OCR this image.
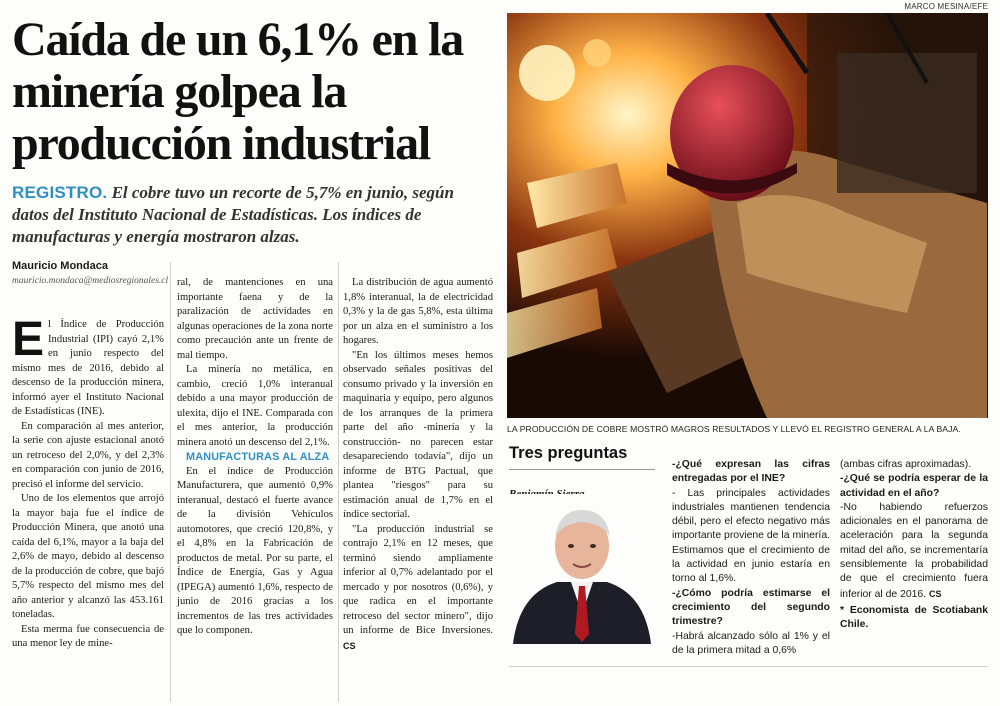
Caída de un 6,1% en la minería golpea la producción industrial

REGISTRO. El cobre tuvo un recorte de 5,7% en junio, según datos del Instituto Nacional de Estadísticas. Los índices de manufacturas y energía mostraron alzas.

Mauricio Mondaca
mauricio.mondaca@mediosregionales.cl

El Índice de Producción Industrial (IPI) cayó 2,1% en junio respecto del mismo mes de 2016, debido al descenso de la producción minera, informó ayer el Instituto Nacional de Estadísticas (INE).

En comparación al mes anterior, la serie con ajuste estacional anotó un retroceso del 2,0%, y del 2,3% en comparación con junio de 2016, precisó el informe del servicio.

Uno de los elementos que arrojó la mayor baja fue el índice de Producción Minera, que anotó una caída del 6,1%, mayor a la baja del 2,6% de mayo, debido al descenso de la producción de cobre, que bajó 5,7% respecto del mismo mes del año anterior y alcanzó las 453.161 toneladas.

Esta merma fue consecuencia de una menor ley de mine-

ral, de mantenciones en una importante faena y de la paralización de actividades en algunas operaciones de la zona norte como precaución ante un frente de mal tiempo.

La minería no metálica, en cambio, creció 1,0% interanual debido a una mayor producción de ulexita, dijo el INE. Comparada con el mes anterior, la producción minera anotó un descenso del 2,1%.

MANUFACTURAS AL ALZA

En el índice de Producción Manufacturera, que aumentó 0,9% interanual, destacó el fuerte avance de la división Vehículos automotores, que creció 120,8%, y el 4,8% en la Fabricación de productos de metal. Por su parte, el Índice de Energía, Gas y Agua (IPEGA) aumentó 1,6%, respecto de junio de 2016 gracias a los incrementos de las tres actividades que lo componen.

La distribución de agua aumentó 1,8% interanual, la de electricidad 0,3% y la de gas 5,8%, esta última por un alza en el suministro a los hogares.

"En los últimos meses hemos observado señales positivas del consumo privado y la inversión en maquinaria y equipo, pero algunos de los arranques de la primera parte del año -minería y la construcción- no parecen estar desapareciendo todavía", dijo un informe de BTG Pactual, que plantea "riesgos" para su estimación anual de 1,7% en el índice sectorial.

"La producción industrial se contrajo 2,1% en 12 meses, que terminó siendo ampliamente inferior al 0,7% adelantado por el mercado y por nosotros (0,6%), y que radica en el importante retroceso del sector minero", dijo un informe de Bice Inversiones. CS

MARCO MESINA/EFE
LA PRODUCCIÓN DE COBRE MOSTRÓ MAGROS RESULTADOS Y LLEVÓ EL REGISTRO GENERAL A LA BAJA.
Tres preguntas

-¿Qué expresan las cifras entregadas por el INE?

- Las principales actividades industriales mantienen tendencia débil, pero el efecto negativo más importante proviene de la minería. Estimamos que el crecimiento de la actividad en junio estaría en torno al 1,6%.

-¿Cómo podría estimarse el crecimiento del segundo trimestre?

-Habrá alcanzado sólo al 1% y el de la primera mitad a 0,6%

(ambas cifras aproximadas).

-¿Qué se podría esperar de la actividad en el año?

-No habiendo refuerzos adicionales en el panorama de aceleración para la segunda mitad del año, se incrementaría sensiblemente la probabilidad de que el crecimiento fuera inferior al de 2016. CS

* Economista de Scotiabank Chile.
